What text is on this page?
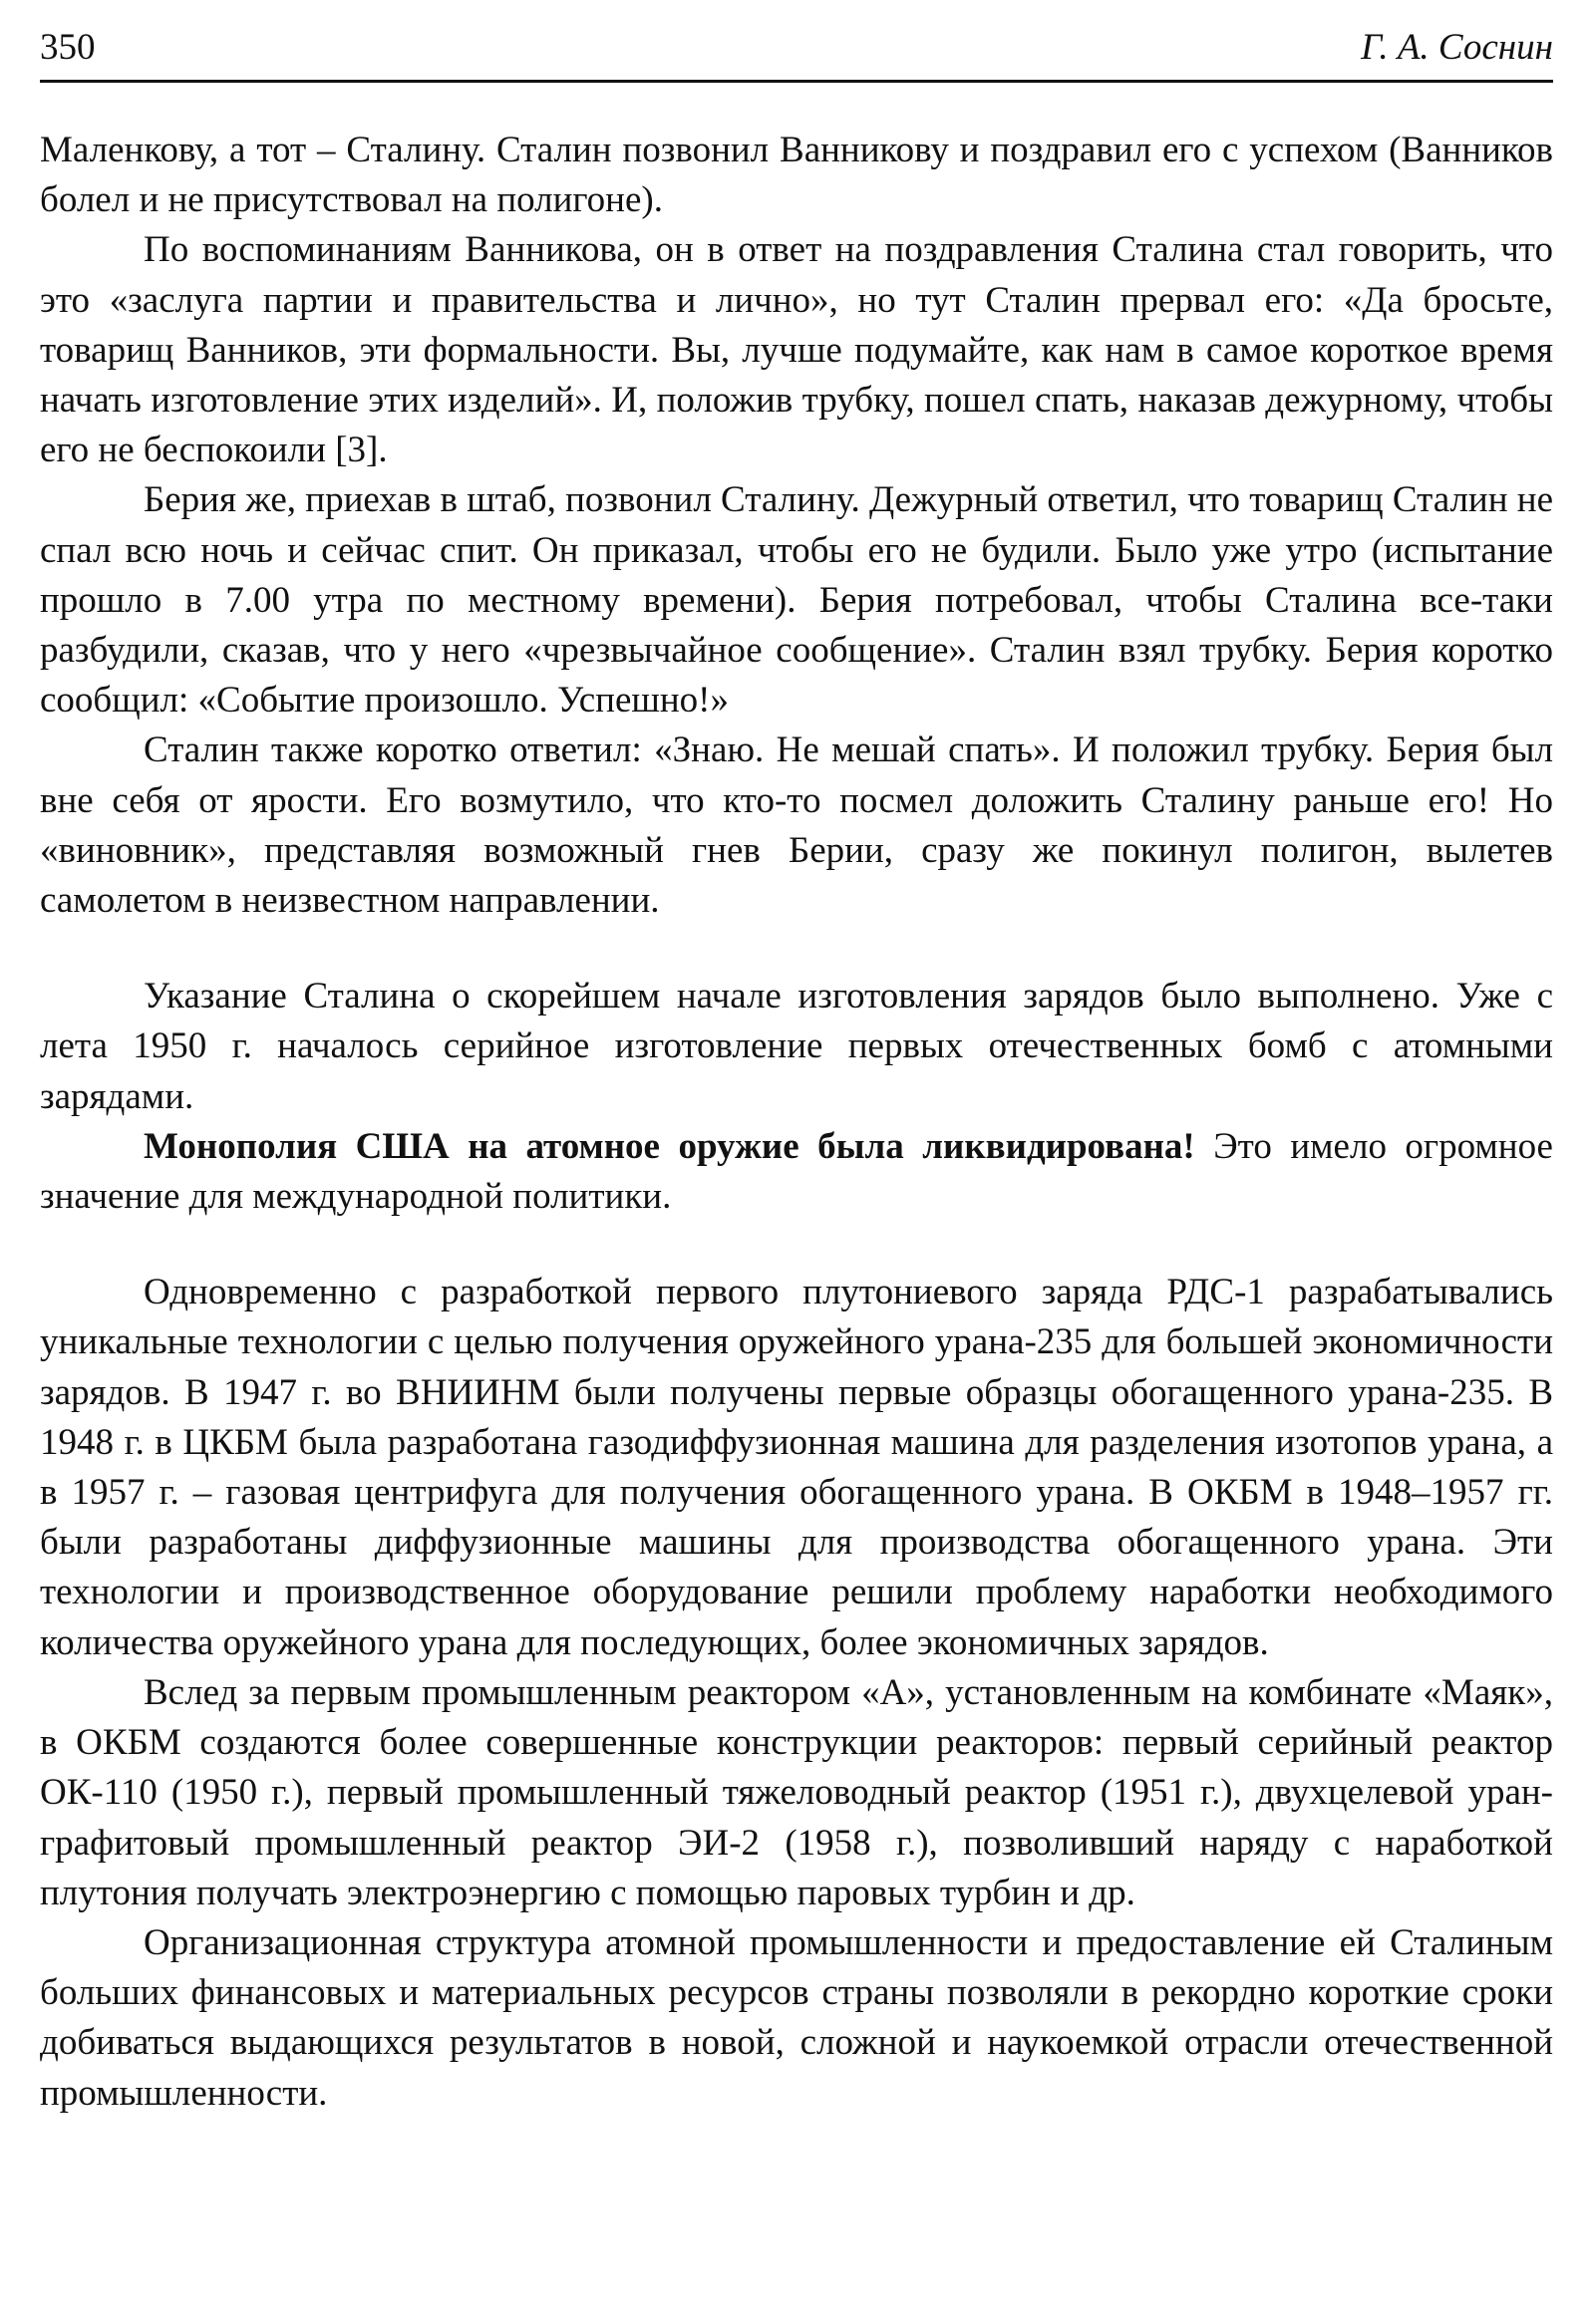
350	Г. А. Соснин

Маленкову, а тот – Сталину. Сталин позвонил Ванникову и поздравил его с успехом (Ванников болел и не присутствовал на полигоне).

По воспоминаниям Ванникова, он в ответ на поздравления Сталина стал говорить, что это «заслуга партии и правительства и лично», но тут Сталин прервал его: «Да бросьте, товарищ Ванников, эти формальности. Вы, лучше подумайте, как нам в самое короткое время начать изготовление этих изделий». И, положив трубку, пошел спать, наказав дежурному, чтобы его не беспокоили [3].

Берия же, приехав в штаб, позвонил Сталину. Дежурный ответил, что товарищ Сталин не спал всю ночь и сейчас спит. Он приказал, чтобы его не будили. Было уже утро (испытание прошло в 7.00 утра по местному времени). Берия потребовал, чтобы Сталина все-таки разбудили, сказав, что у него «чрезвычайное сообщение». Сталин взял трубку. Берия коротко сообщил: «Событие произошло. Успешно!»

Сталин также коротко ответил: «Знаю. Не мешай спать». И положил трубку. Берия был вне себя от ярости. Его возмутило, что кто-то посмел доложить Сталину раньше его! Но «виновник», представляя возможный гнев Берии, сразу же покинул полигон, вылетев самолетом в неизвестном направлении.

Указание Сталина о скорейшем начале изготовления зарядов было выполнено. Уже с лета 1950 г. началось серийное изготовление первых отечественных бомб с атомными зарядами.

Монополия США на атомное оружие была ликвидирована! Это имело огромное значение для международной политики.

Одновременно с разработкой первого плутониевого заряда РДС-1 разрабатывались уникальные технологии с целью получения оружейного урана-235 для большей экономичности зарядов. В 1947 г. во ВНИИНМ были получены первые образцы обогащенного урана-235. В 1948 г. в ЦКБМ была разработана газодиффузионная машина для разделения изотопов урана, а в 1957 г. – газовая центрифуга для получения обогащенного урана. В ОКБМ в 1948–1957 гг. были разработаны диффузионные машины для производства обогащенного урана. Эти технологии и производственное оборудование решили проблему наработки необходимого количества оружейного урана для последующих, более экономичных зарядов.

Вслед за первым промышленным реактором «А», установленным на комбинате «Маяк», в ОКБМ создаются более совершенные конструкции реакторов: первый серийный реактор ОК-110 (1950 г.), первый промышленный тяжеловодный реактор (1951 г.), двухцелевой уран-графитовый промышленный реактор ЭИ-2 (1958 г.), позволивший наряду с наработкой плутония получать электроэнергию с помощью паровых турбин и др.

Организационная структура атомной промышленности и предоставление ей Сталиным больших финансовых и материальных ресурсов страны позволяли в рекордно короткие сроки добиваться выдающихся результатов в новой, сложной и наукоемкой отрасли отечественной промышленности.
